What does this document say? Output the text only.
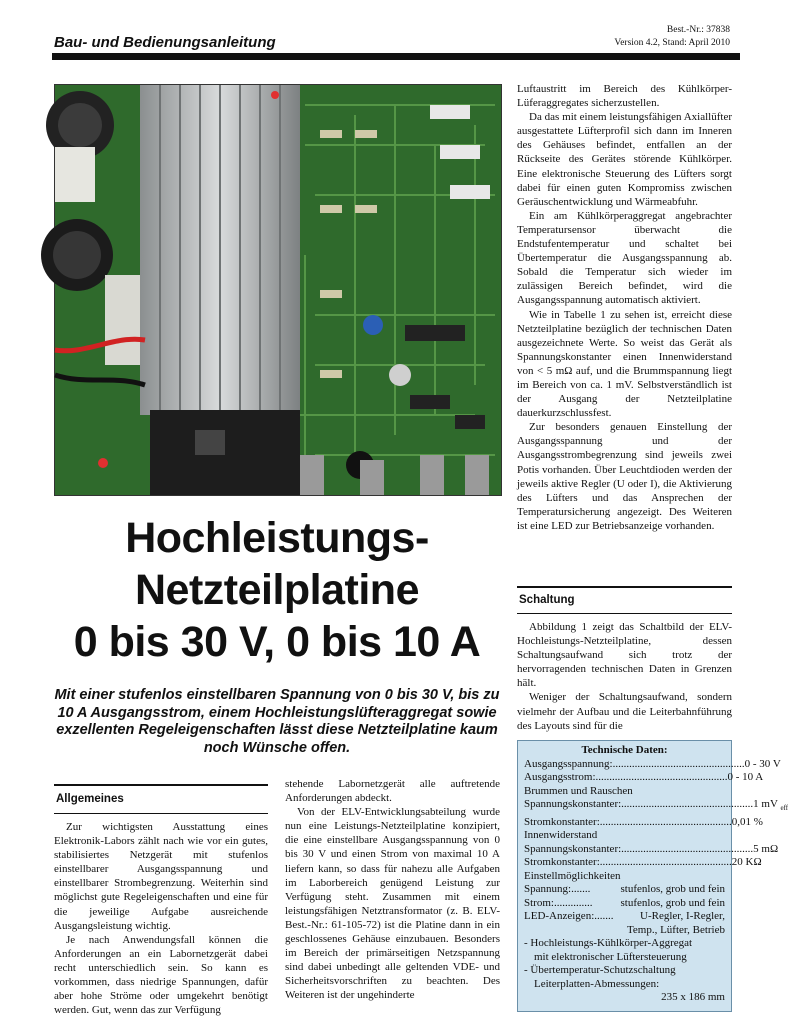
Bau- und Bedienungsanleitung
Best.-Nr.: 37838
Version 4.2, Stand: April 2010
Hochleistungs-
Netzteilplatine
0 bis 30 V, 0 bis 10 A
Mit einer stufenlos einstellbaren Spannung von 0 bis 30 V, bis zu 10 A Ausgangsstrom, einem Hochleistungslüfteraggregat sowie exzellenten Regeleigenschaften lässt diese Netzteilplatine kaum noch Wünsche offen.
Allgemeines

Zur wichtigsten Ausstattung eines Elektronik-Labors zählt nach wie vor ein gutes, stabilisiertes Netzgerät mit stufenlos einstellbarer Ausgangsspannung und einstellbarer Strombegrenzung. Weiterhin sind möglichst gute Regeleigenschaften und eine für die jeweilige Aufgabe ausreichende Ausgangsleistung wichtig.

Je nach Anwendungsfall können die Anforderungen an ein Labornetzgerät dabei recht unterschiedlich sein. So kann es vorkommen, dass niedrige Spannungen, dafür aber hohe Ströme oder umgekehrt benötigt werden. Gut, wenn das zur Verfügung

stehende Labornetzgerät alle auftretende Anforderungen abdeckt.

Von der ELV-Entwicklungsabteilung wurde nun eine Leistungs-Netzteilplatine konzipiert, die eine einstellbare Ausgangsspannung von 0 bis 30 V und einen Strom von maximal 10 A liefern kann, so dass für nahezu alle Aufgaben im Laborbereich genügend Leistung zur Verfügung steht. Zusammen mit einem leistungsfähigen Netztransformator (z. B. ELV-Best.-Nr.: 61-105-72) ist die Platine dann in ein geschlossenes Gehäuse einzubauen. Besonders im Bereich der primärseitigen Netzspannung sind dabei unbedingt alle geltenden VDE- und Sicherheitsvorschriften zu beachten. Des Weiteren ist der ungehinderte

Luftaustritt im Bereich des Kühlkörper-Lüferaggregates sicherzustellen.

Da das mit einem leistungsfähigen Axiallüfter ausgestattete Lüfterprofil sich dann im Inneren des Gehäuses befindet, entfallen an der Rückseite des Gerätes störende Kühlkörper. Eine elektronische Steuerung des Lüfters sorgt dabei für einen guten Kompromiss zwischen Geräuschentwicklung und Wärmeabfuhr.

Ein am Kühlkörperaggregat angebrachter Temperatursensor überwacht die Endstufentemperatur und schaltet bei Übertemperatur die Ausgangsspannung ab. Sobald die Temperatur sich wieder im zulässigen Bereich befindet, wird die Ausgangsspannung automatisch aktiviert.

Wie in Tabelle 1 zu sehen ist, erreicht diese Netzteilplatine bezüglich der technischen Daten ausgezeichnete Werte. So weist das Gerät als Spannungskonstanter einen Innenwiderstand von < 5 mΩ auf, und die Brummspannung liegt im Bereich von ca. 1 mV. Selbstverständlich ist der Ausgang der Netzteilplatine dauerkurzschlussfest.

Zur besonders genauen Einstellung der Ausgangsspannung und der Ausgangsstrombegrenzung sind jeweils zwei Potis vorhanden. Über Leuchtdioden werden der jeweils aktive Regler (U oder I), die Aktivierung des Lüfters und das Ansprechen der Temperatursicherung angezeigt. Des Weiteren ist eine LED zur Betriebsanzeige vorhanden.

Schaltung

Abbildung 1 zeigt das Schaltbild der ELV-Hochleistungs-Netzteilplatine, dessen Schaltungsaufwand sich trotz der hervorragenden technischen Daten in Grenzen hält.

Weniger der Schaltungsaufwand, sondern vielmehr der Aufbau und die Leiterbahnführung des Layouts sind für die

Technische Daten:
Ausgangsspannung: ................................................ 0 - 30 V
Ausgangsstrom: ................................................ 0 - 10 A
Brummen und Rauschen
Spannungskonstanter: ................................................ 1 mV $_{eff}$
Stromkonstanter: ................................................ 0,01 %
Innenwiderstand
Spannungskonstanter: ................................................ 5 mΩ
Stromkonstanter: ................................................ 20 KΩ
Einstellmöglichkeiten
Spannung: .......	stufenlos, grob und fein
Strom: ..............	stufenlos, grob und fein
LED-Anzeigen: .......	U-Regler, I-Regler,
Temp., Lüfter, Betrieb
- Hochleistungs-Kühlkörper-Aggregat
mit elektronischer Lüftersteuerung
- Übertemperatur-Schutzschaltung
Leiterplatten-Abmessungen:
235 x 186 mm
